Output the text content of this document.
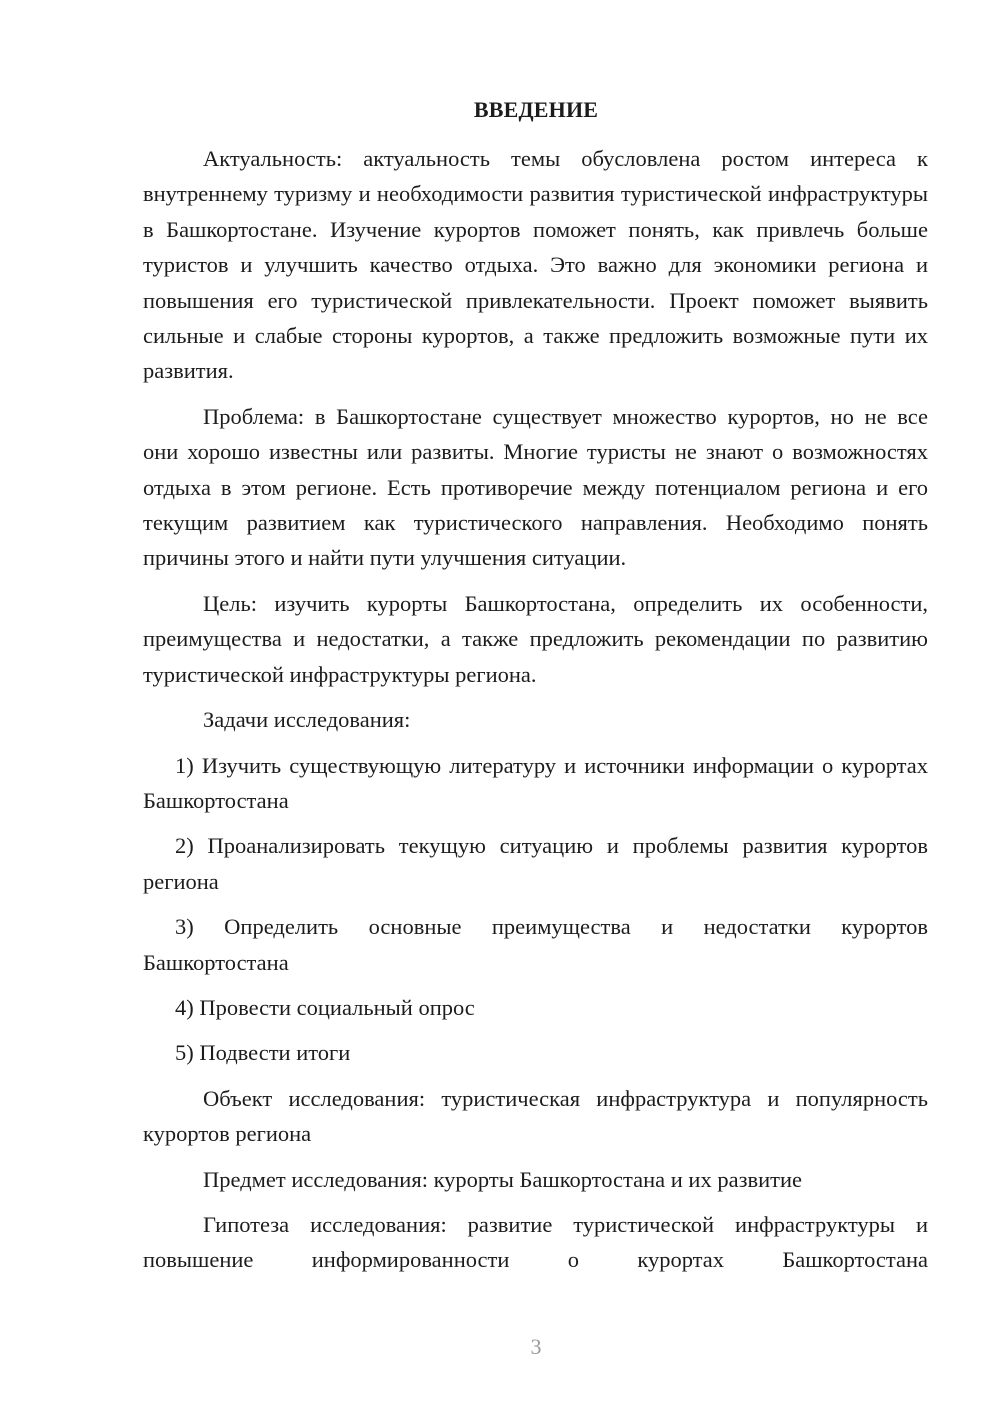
ВВЕДЕНИЕ

Актуальность: актуальность темы обусловлена ростом интереса к внутреннему туризму и необходимости развития туристической инфраструктуры в Башкортостане. Изучение курортов поможет понять, как привлечь больше туристов и улучшить качество отдыха. Это важно для экономики региона и повышения его туристической привлекательности. Проект поможет выявить сильные и слабые стороны курортов, а также предложить возможные пути их развития.

Проблема: в Башкортостане существует множество курортов, но не все они хорошо известны или развиты. Многие туристы не знают о возможностях отдыха в этом регионе. Есть противоречие между потенциалом региона и его текущим развитием как туристического направления. Необходимо понять причины этого и найти пути улучшения ситуации.

Цель: изучить курорты Башкортостана, определить их особенности, преимущества и недостатки, а также предложить рекомендации по развитию туристической инфраструктуры региона.

Задачи исследования:

1) Изучить существующую литературу и источники информации о курортах Башкортостана

2) Проанализировать текущую ситуацию и проблемы развития курортов региона

3) Определить основные преимущества и недостатки курортов Башкортостана

4) Провести социальный опрос

5) Подвести итоги

Объект исследования: туристическая инфраструктура и популярность курортов региона

Предмет исследования: курорты Башкортостана и их развитие

Гипотеза исследования: развитие туристической инфраструктуры и повышение информированности о курортах Башкортостана

3
